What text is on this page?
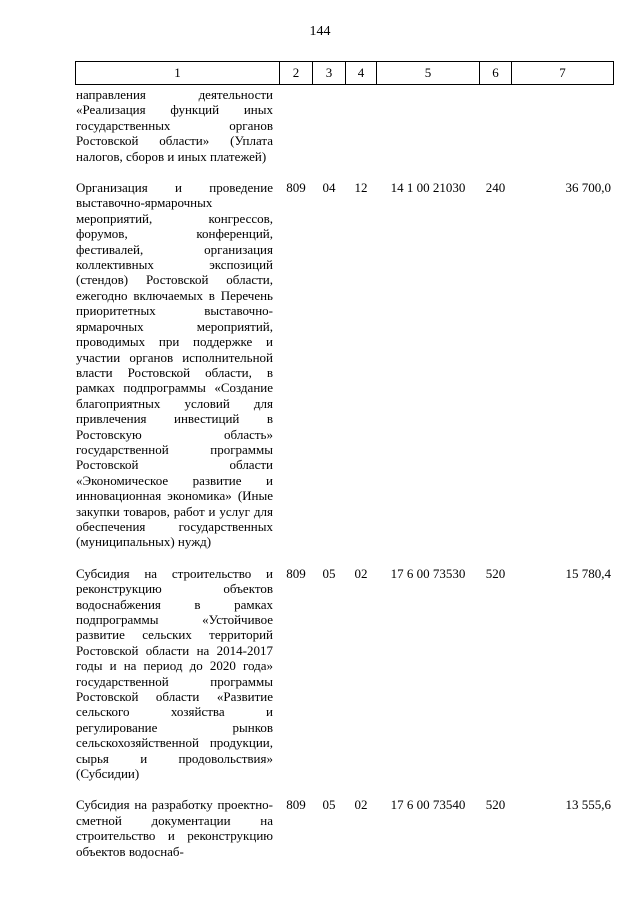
144
1	2	3	4	5	6	7
направления деятельности «Реализация функций иных государственных органов Ростовской области» (Уплата налогов, сборов и иных платежей)						
Организация и проведение выставочно-ярмарочных мероприятий, конгрессов, форумов, конференций, фестивалей, организация коллективных экспозиций (стендов) Ростовской области, ежегодно включаемых в Перечень приоритетных выставочно-ярмарочных мероприятий, проводимых при поддержке и участии органов исполнительной власти Ростовской области, в рамках подпрограммы «Создание благоприятных условий для привлечения инвестиций в Ростовскую область» государственной программы Ростовской области «Экономическое развитие и инновационная экономика» (Иные закупки товаров, работ и услуг для обеспечения государственных (муниципальных) нужд)	809	04	12	14 1 00 21030	240	36 700,0
Субсидия на строительство и реконструкцию объектов водоснабжения в рамках подпрограммы «Устойчивое развитие сельских территорий Ростовской области на 2014-2017 годы и на период до 2020 года» государственной программы Ростовской области «Развитие сельского хозяйства и регулирование рынков сельскохозяйственной продукции, сырья и продовольствия» (Субсидии)	809	05	02	17 6 00 73530	520	15 780,4
Субсидия на разработку проектно-сметной документации на строительство и реконструкцию объектов водоснаб-	809	05	02	17 6 00 73540	520	13 555,6
